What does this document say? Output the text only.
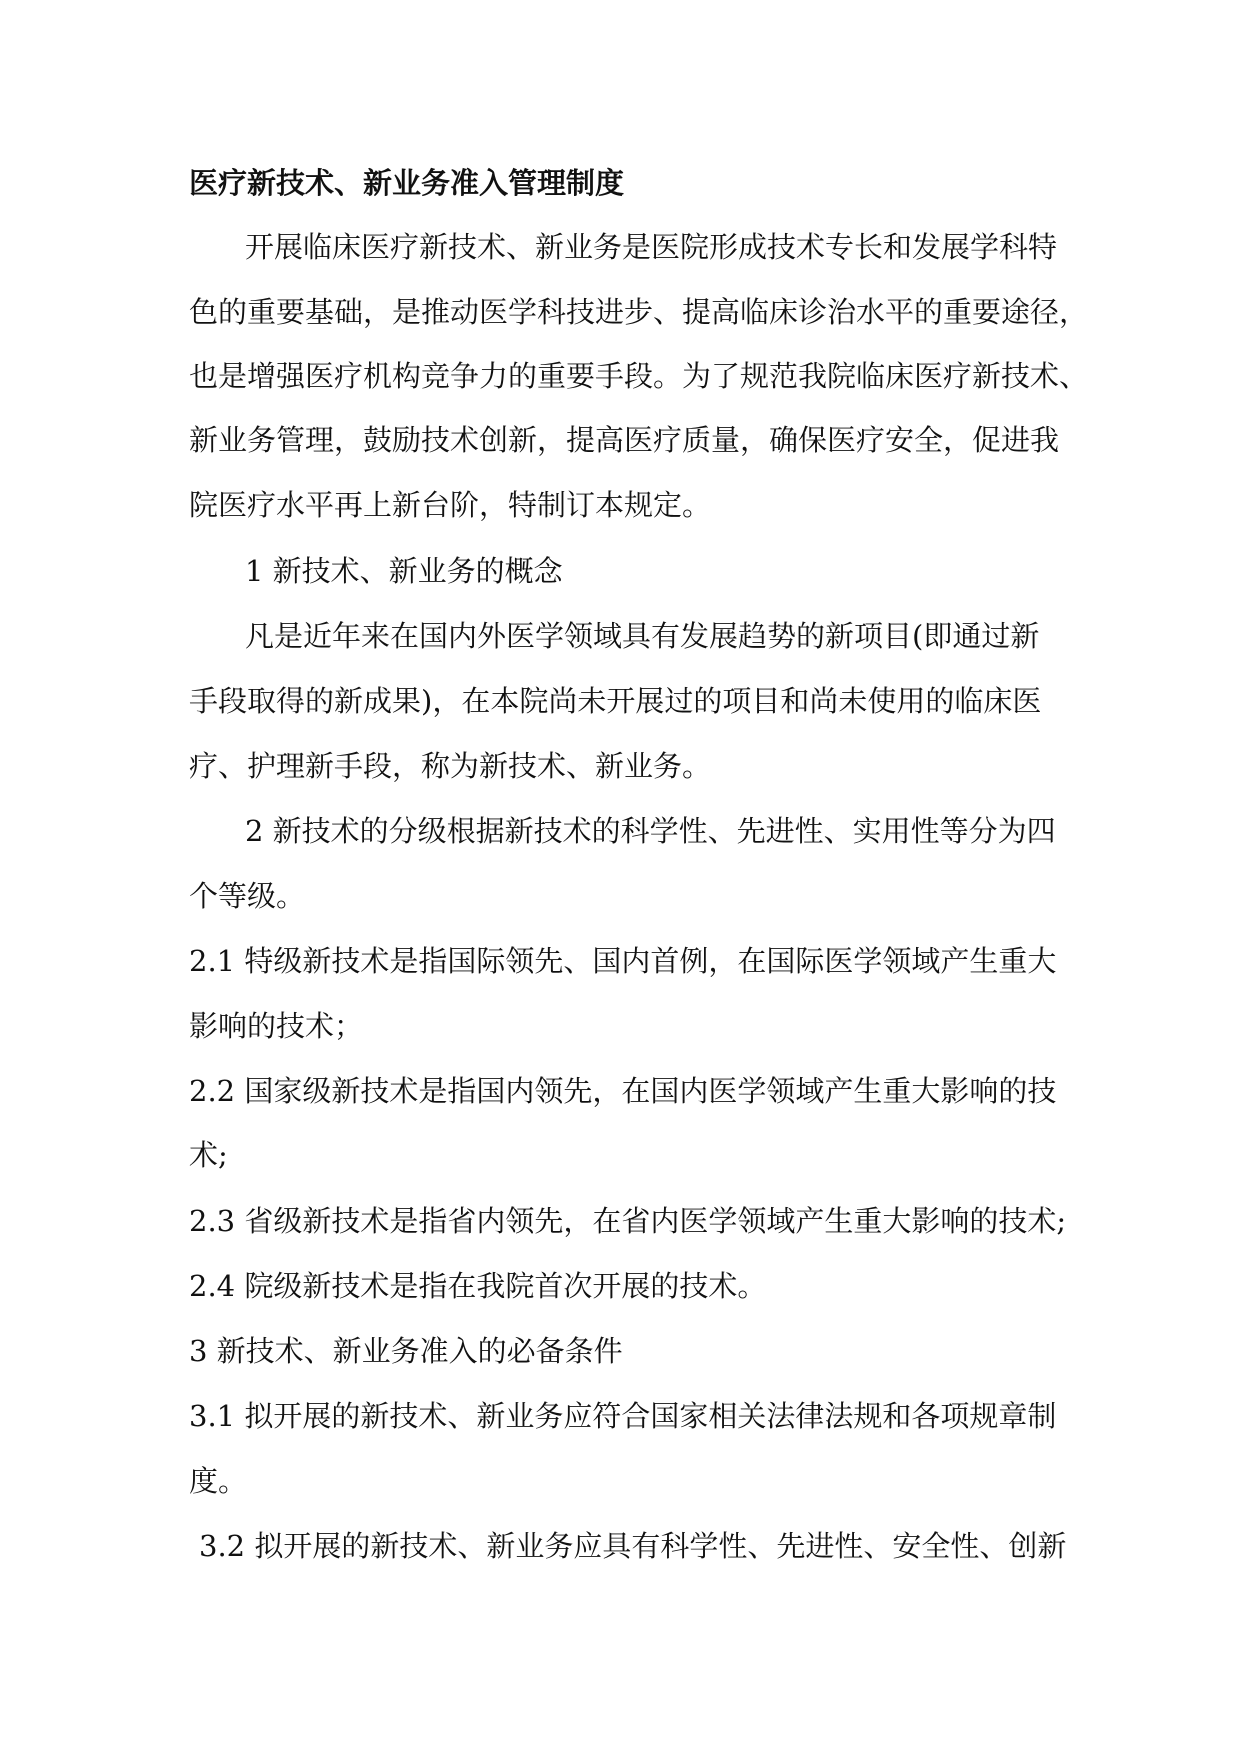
医疗新技术、新业务准入管理制度

开展临床医疗新技术、新业务是医院形成技术专长和发展学科特

色的重要基础，是推动医学科技进步、提高临床诊治水平的重要途径，

也是增强医疗机构竞争力的重要手段。为了规范我院临床医疗新技术、

新业务管理，鼓励技术创新，提高医疗质量，确保医疗安全，促进我

院医疗水平再上新台阶，特制订本规定。

1 新技术、新业务的概念

凡是近年来在国内外医学领域具有发展趋势的新项目(即通过新

手段取得的新成果)，在本院尚未开展过的项目和尚未使用的临床医

疗、护理新手段，称为新技术、新业务。

2 新技术的分级根据新技术的科学性、先进性、实用性等分为四

个等级。

2.1 特级新技术是指国际领先、国内首例，在国际医学领域产生重大

影响的技术；

2.2 国家级新技术是指国内领先，在国内医学领域产生重大影响的技

术;

2.3 省级新技术是指省内领先，在省内医学领域产生重大影响的技术;

2.4 院级新技术是指在我院首次开展的技术。

3 新技术、新业务准入的必备条件

3.1 拟开展的新技术、新业务应符合国家相关法律法规和各项规章制

度。

3.2 拟开展的新技术、新业务应具有科学性、先进性、安全性、创新
